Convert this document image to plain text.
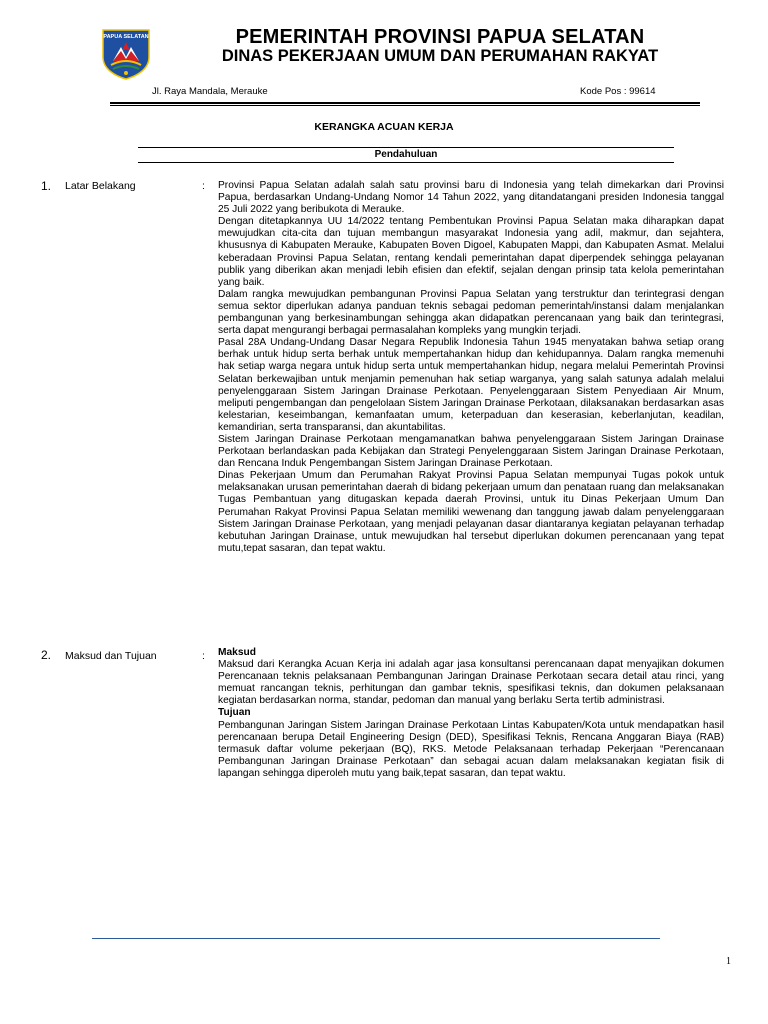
PAPUA SELATAN	PEMERINTAH PROVINSI PAPUA SELATAN
DINAS PEKERJAAN UMUM DAN PERUMAHAN RAKYAT
Jl. Raya Mandala, Merauke	Kode Pos : 99614
KERANGKA ACUAN KERJA
Pendahuluan
1. Latar Belakang	: Provinsi Papua Selatan adalah salah satu provinsi baru di Indonesia yang telah dimekarkan dari Provinsi Papua, berdasarkan Undang-Undang Nomor 14 Tahun 2022, yang ditandatangani presiden Indonesia tanggal 25 Juli 2022 yang beribukota di Merauke.

Dengan ditetapkannya UU 14/2022 tentang Pembentukan Provinsi Papua Selatan maka diharapkan dapat mewujudkan cita-cita dan tujuan membangun masyarakat Indonesia yang adil, makmur, dan sejahtera, khususnya di Kabupaten Merauke, Kabupaten Boven Digoel, Kabupaten Mappi, dan Kabupaten Asmat. Melalui keberadaan Provinsi Papua Selatan, rentang kendali pemerintahan dapat diperpendek sehingga pelayanan publik yang diberikan akan menjadi lebih efisien dan efektif, sejalan dengan prinsip tata kelola pemerintahan yang baik.

Dalam rangka mewujudkan pembangunan Provinsi Papua Selatan yang terstruktur dan terintegrasi dengan semua sektor diperlukan adanya panduan teknis sebagai pedoman pemerintah/instansi dalam menjalankan pembangunan yang berkesinambungan sehingga akan didapatkan perencanaan yang baik dan terintegrasi, serta dapat mengurangi berbagai permasalahan kompleks yang mungkin terjadi.

Pasal 28A Undang-Undang Dasar Negara Republik Indonesia Tahun 1945 menyatakan bahwa setiap orang berhak untuk hidup serta berhak untuk mempertahankan hidup dan kehidupannya. Dalam rangka memenuhi hak setiap warga negara untuk hidup serta untuk mempertahankan hidup, negara melalui Pemerintah Provinsi Selatan berkewajiban untuk menjamin pemenuhan hak setiap warganya, yang salah satunya adalah melalui penyelenggaraan Sistem Jaringan Drainase Perkotaan. Penyelenggaraan Sistem Penyediaan Air Mnum, meliputi pengembangan dan pengelolaan Sistem Jaringan Drainase Perkotaan, dilaksanakan berdasarkan asas kelestarian, keseimbangan, kemanfaatan umum, keterpaduan dan keserasian, keberlanjutan, keadilan, kemandirian, serta transparansi, dan akuntabilitas.

Sistem Jaringan Drainase Perkotaan mengamanatkan bahwa penyelenggaraan Sistem Jaringan Drainase Perkotaan berlandaskan pada Kebijakan dan Strategi Penyelenggaraan Sistem Jaringan Drainase Perkotaan, dan Rencana Induk Pengembangan Sistem Jaringan Drainase Perkotaan.

Dinas Pekerjaan Umum dan Perumahan Rakyat Provinsi Papua Selatan mempunyai Tugas pokok untuk melaksanakan urusan pemerintahan daerah di bidang pekerjaan umum dan penataan ruang dan melaksanakan Tugas Pembantuan yang ditugaskan kepada daerah Provinsi, untuk itu Dinas Pekerjaan Umum Dan Perumahan Rakyat Provinsi Papua Selatan memiliki wewenang dan tanggung jawab dalam penyelenggaraan Sistem Jaringan Drainase Perkotaan, yang menjadi pelayanan dasar diantaranya kegiatan pelayanan terhadap kebutuhan Jaringan Drainase, untuk mewujudkan hal tersebut diperlukan dokumen perencanaan yang tepat mutu,tepat sasaran, dan tepat waktu.

2. Maksud dan Tujuan	: Maksud

Maksud dari Kerangka Acuan Kerja ini adalah agar jasa konsultansi perencanaan dapat menyajikan dokumen Perencanaan teknis pelaksanaan Pembangunan Jaringan Drainase Perkotaan secara detail atau rinci, yang memuat rancangan teknis, perhitungan dan gambar teknis, spesifikasi teknis, dan dokumen pelaksanaan kegiatan berdasarkan norma, standar, pedoman dan manual yang berlaku Serta tertib administrasi.

Tujuan

Pembangunan Jaringan Sistem Jaringan Drainase Perkotaan Lintas Kabupaten/Kota untuk mendapatkan hasil perencanaan berupa Detail Engineering Design (DED), Spesifikasi Teknis, Rencana Anggaran Biaya (RAB) termasuk daftar volume pekerjaan (BQ), RKS. Metode Pelaksanaan terhadap Pekerjaan “Perencanaan Pembangunan Jaringan Drainase Perkotaan” dan sebagai acuan dalam melaksanakan kegiatan fisik di lapangan sehingga diperoleh mutu yang baik,tepat sasaran, dan tepat waktu.

1
